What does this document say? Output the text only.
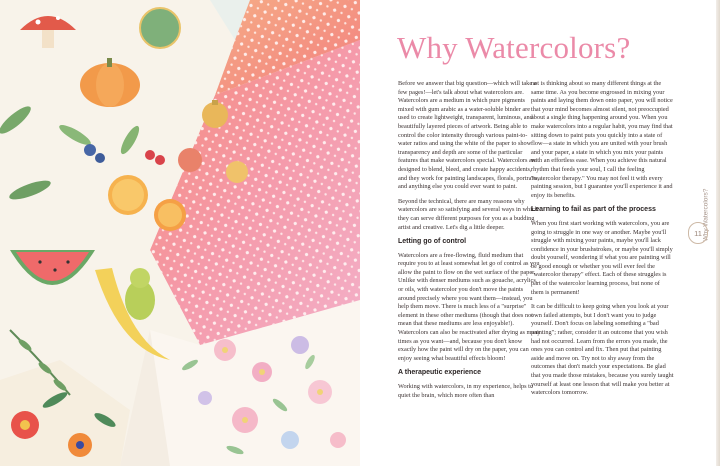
Why Watercolors?

Before we answer that big question—which will take a few pages!—let's talk about what watercolors are. Watercolors are a medium in which pure pigments mixed with gum arabic as a water-soluble binder are used to create lightweight, transparent, luminous, and beautifully layered pieces of artwork. Being able to control the color intensity through various paint-to-water ratios and using the white of the paper to show transparency and depth are some of the particular features that make watercolors special. Watercolors are designed to blend, bleed, and create happy accidents, and they work for painting landscapes, florals, portraits, and anything else you could ever want to paint.

Beyond the technical, there are many reasons why watercolors are so satisfying and several ways in which they can serve different purposes for you as a budding artist and creative. Let's dig a little deeper.

Letting go of control

Watercolors are a free-flowing, fluid medium that require you to at least somewhat let go of control as you allow the paint to flow on the wet surface of the paper. Unlike with denser mediums such as gouache, acrylics, or oils, with watercolor you don't move the paints around precisely where you want them—instead, you help them move. There is much less of a "surprise" element in these other mediums (though that does not mean that these mediums are less enjoyable!). Watercolors can also be reactivated after drying as many times as you want—and, because you don't know exactly how the paint will dry on the paper, you can enjoy seeing what beautiful effects bloom!

A therapeutic experience

Working with watercolors, in my experience, helps to quiet the brain, which more often than

not is thinking about so many different things at the same time. As you become engrossed in mixing your paints and laying them down onto paper, you will notice that your mind becomes almost silent, not preoccupied about a single thing happening around you. When you make watercolors into a regular habit, you may find that sitting down to paint puts you quickly into a state of flow—a state in which you are united with your brush and your paper, a state in which you mix your paints with an effortless ease. When you achieve this natural rhythm that feeds your soul, I call the feeling "watercolor therapy." You may not feel it with every painting session, but I guarantee you'll experience it and enjoy its benefits.

Learning to fail as part of the process

When you first start working with watercolors, you are going to struggle in one way or another. Maybe you'll struggle with mixing your paints, maybe you'll lack confidence in your brushstrokes, or maybe you'll simply doubt yourself, wondering if what you are painting will be good enough or whether you will ever feel the "watercolor therapy" effect. Each of these struggles is part of the watercolor learning process, but none of them is permanent!

It can be difficult to keep going when you look at your own failed attempts, but I don't want you to judge yourself. Don't focus on labeling something a "bad painting"; rather, consider it an outcome that you wish had not occurred. Learn from the errors you made, the ones you can control and fix. Then put that painting aside and move on. Try not to shy away from the outcomes that don't match your expectations. Be glad that you made those mistakes, because you surely taught yourself at least one lesson that will make you better at watercolors tomorrow.

Why Watercolors?
11
